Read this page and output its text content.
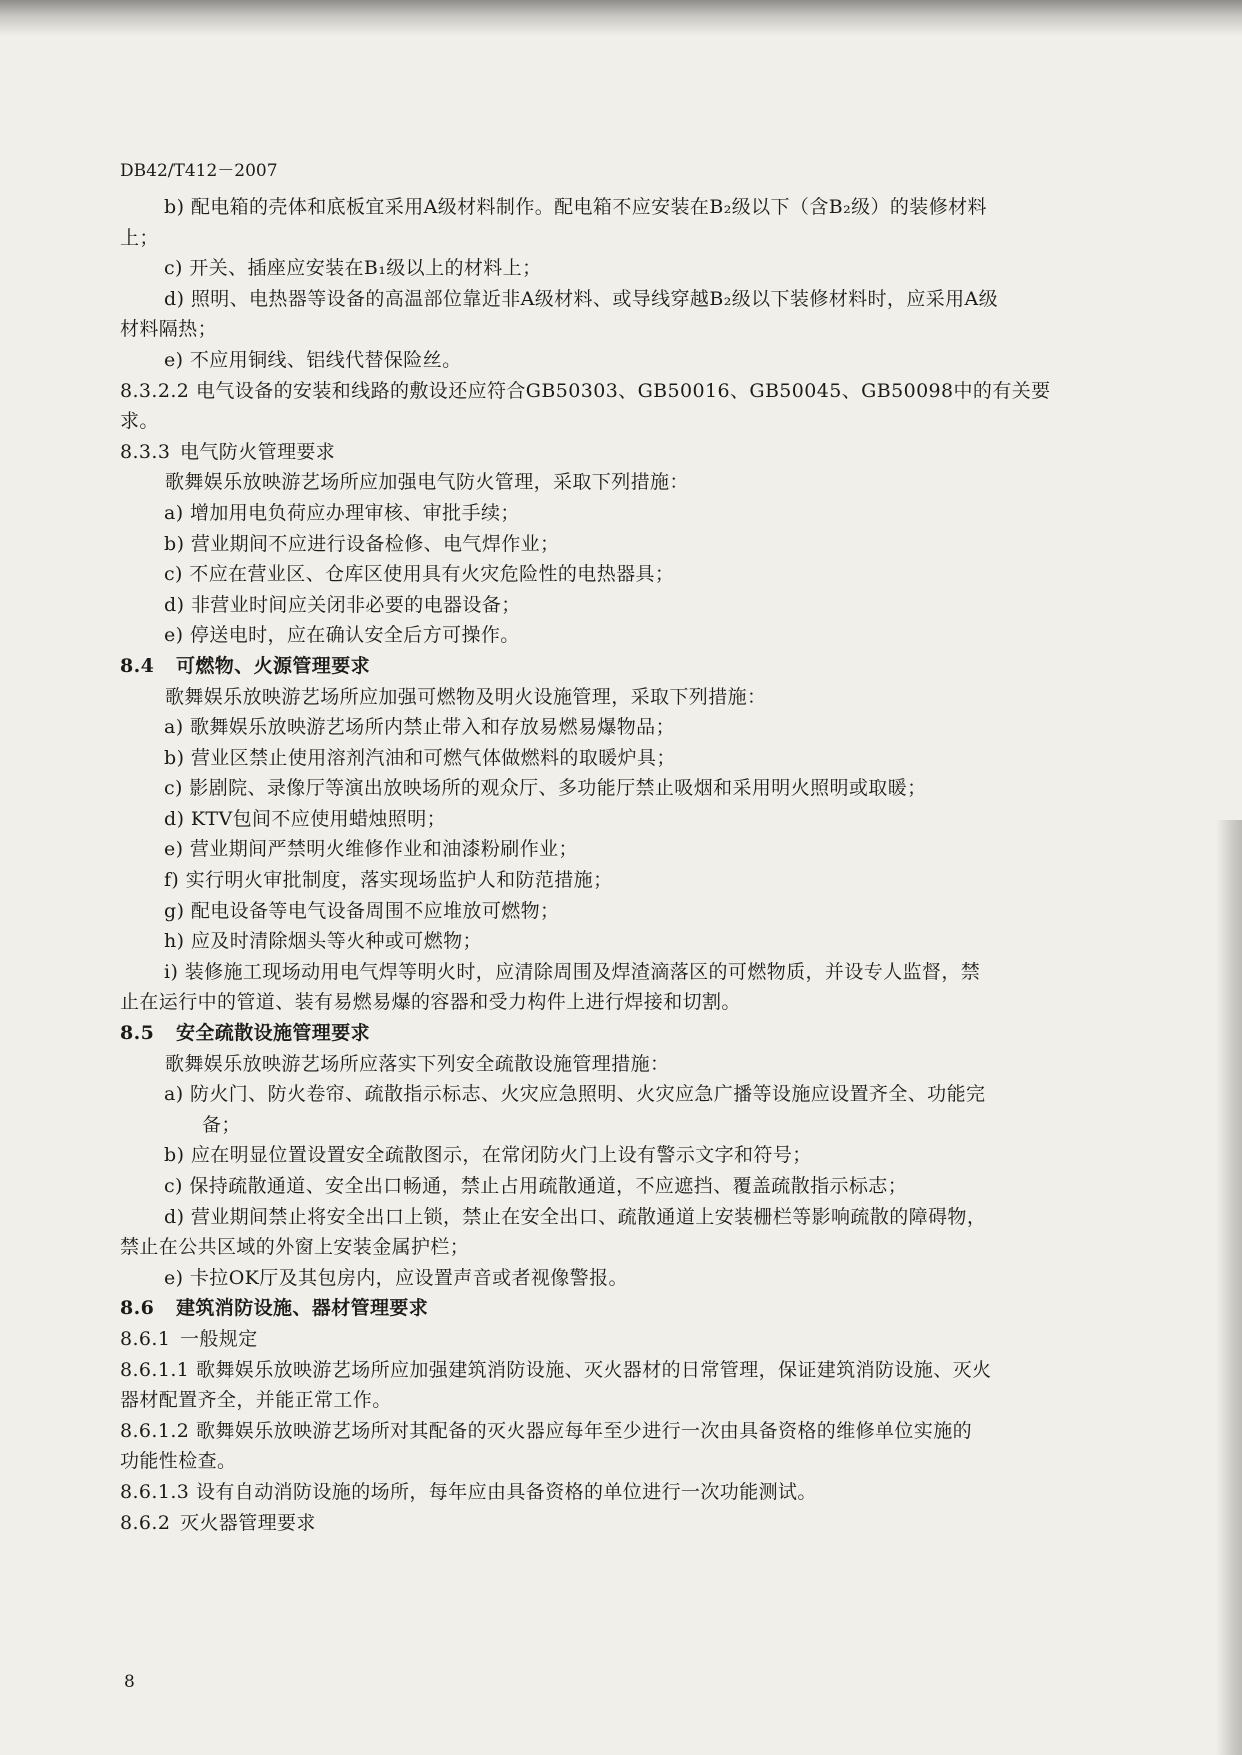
DB42/T412－2007
b) 配电箱的壳体和底板宜采用A级材料制作。配电箱不应安装在B₂级以下（含B₂级）的装修材料
上；
c) 开关、插座应安装在B₁级以上的材料上；
d) 照明、电热器等设备的高温部位靠近非A级材料、或导线穿越B₂级以下装修材料时，应采用A级
材料隔热；
e) 不应用铜线、铝线代替保险丝。
8.3.2.2 电气设备的安装和线路的敷设还应符合GB50303、GB50016、GB50045、GB50098中的有关要
求。
8.3.3 电气防火管理要求
歌舞娱乐放映游艺场所应加强电气防火管理，采取下列措施：
a) 增加用电负荷应办理审核、审批手续；
b) 营业期间不应进行设备检修、电气焊作业；
c) 不应在营业区、仓库区使用具有火灾危险性的电热器具；
d) 非营业时间应关闭非必要的电器设备；
e) 停送电时，应在确认安全后方可操作。
8.4 可燃物、火源管理要求
歌舞娱乐放映游艺场所应加强可燃物及明火设施管理，采取下列措施：
a) 歌舞娱乐放映游艺场所内禁止带入和存放易燃易爆物品；
b) 营业区禁止使用溶剂汽油和可燃气体做燃料的取暖炉具；
c) 影剧院、录像厅等演出放映场所的观众厅、多功能厅禁止吸烟和采用明火照明或取暖；
d) KTV包间不应使用蜡烛照明；
e) 营业期间严禁明火维修作业和油漆粉刷作业；
f) 实行明火审批制度，落实现场监护人和防范措施；
g) 配电设备等电气设备周围不应堆放可燃物；
h) 应及时清除烟头等火种或可燃物；
i) 装修施工现场动用电气焊等明火时，应清除周围及焊渣滴落区的可燃物质，并设专人监督，禁
止在运行中的管道、装有易燃易爆的容器和受力构件上进行焊接和切割。
8.5 安全疏散设施管理要求
歌舞娱乐放映游艺场所应落实下列安全疏散设施管理措施：
a) 防火门、防火卷帘、疏散指示标志、火灾应急照明、火灾应急广播等设施应设置齐全、功能完
备；
b) 应在明显位置设置安全疏散图示，在常闭防火门上设有警示文字和符号；
c) 保持疏散通道、安全出口畅通，禁止占用疏散通道，不应遮挡、覆盖疏散指示标志；
d) 营业期间禁止将安全出口上锁，禁止在安全出口、疏散通道上安装栅栏等影响疏散的障碍物，
禁止在公共区域的外窗上安装金属护栏；
e) 卡拉OK厅及其包房内，应设置声音或者视像警报。
8.6 建筑消防设施、器材管理要求
8.6.1 一般规定
8.6.1.1 歌舞娱乐放映游艺场所应加强建筑消防设施、灭火器材的日常管理，保证建筑消防设施、灭火
器材配置齐全，并能正常工作。
8.6.1.2 歌舞娱乐放映游艺场所对其配备的灭火器应每年至少进行一次由具备资格的维修单位实施的
功能性检查。
8.6.1.3 设有自动消防设施的场所，每年应由具备资格的单位进行一次功能测试。
8.6.2 灭火器管理要求
8
